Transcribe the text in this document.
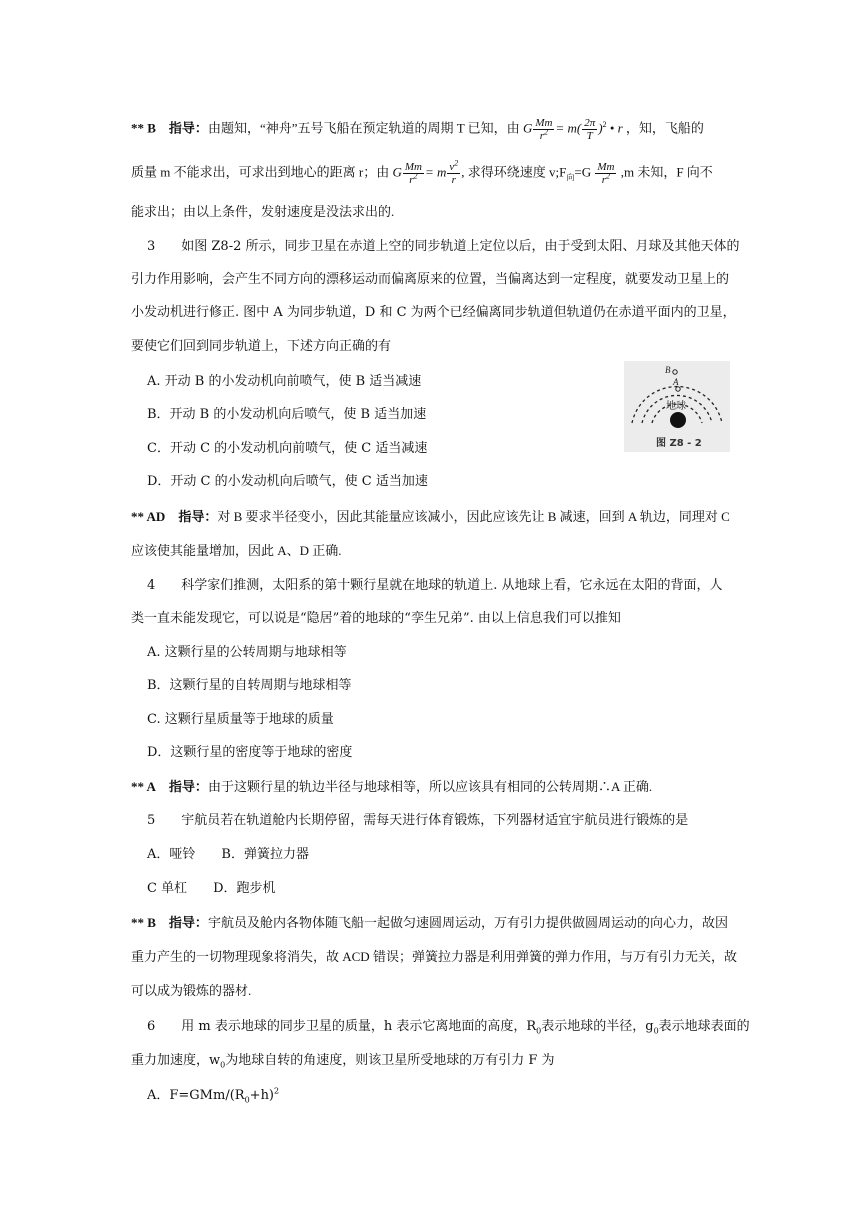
** B 指导：由题知，“神舟”五号飞船在预定轨道的周期 T 已知，由 G $\frac{Mm}{r^2} = m( \frac{2\pi}{T} )^2$ • r ，知，飞船的
质量 m 不能求出，可求出到地心的距离 r；由 G $\frac{Mm}{r^2} = m \frac{v^2}{r}$ , 求得环绕速度 $v;F_向=G \frac{Mm}{r^2} ,m$ 未知，F 向不
能求出；由以上条件，发射速度是没法求出的.
3　　如图 Z8-2 所示，同步卫星在赤道上空的同步轨道上定位以后，由于受到太阳、月球及其他天体的
引力作用影响，会产生不同方向的漂移运动而偏离原来的位置，当偏离达到一定程度，就要发动卫星上的
小发动机进行修正. 图中 A 为同步轨道，D 和 C 为两个已经偏离同步轨道但轨道仍在赤道平面内的卫星，
要使它们回到同步轨道上，下述方向正确的有
A. 开动 B 的小发动机向前喷气，使 B 适当减速
B．开动 B 的小发动机向后喷气，使 B 适当加速
C．开动 C 的小发动机向前喷气，使 C 适当减速
D．开动 C 的小发动机向后喷气，使 C 适当加速
B
A
地球
图 Z8 - 2
** AD 指导：对 B 要求半径变小，因此其能量应该减小，因此应该先让 B 减速，回到 A 轨边，同理对 C
应该使其能量增加，因此 A、D 正确.
4　　科学家们推测，太阳系的第十颗行星就在地球的轨道上. 从地球上看，它永远在太阳的背面，人
类一直未能发现它，可以说是“隐居”着的地球的“孪生兄弟”. 由以上信息我们可以推知
A. 这颗行星的公转周期与地球相等
B．这颗行星的自转周期与地球相等
C. 这颗行星质量等于地球的质量
D．这颗行星的密度等于地球的密度
** A 指导：由于这颗行星的轨边半径与地球相等，所以应该具有相同的公转周期∴A 正确.
5　　宇航员若在轨道舱内长期停留，需每天进行体育锻炼，下列器材适宜宇航员进行锻炼的是
A．哑铃　　B．弹簧拉力器
C 单杠　　D．跑步机
** B 指导：宇航员及舱内各物体随飞船一起做匀速圆周运动，万有引力提供做圆周运动的向心力，故因
重力产生的一切物理现象将消失，故 ACD 错误；弹簧拉力器是利用弹簧的弹力作用，与万有引力无关，故
可以成为锻炼的器材.
6　　用 m 表示地球的同步卫星的质量，h 表示它离地面的高度，$R_0$表示地球的半径，$g_0$表示地球表面的
重力加速度，$w_0$为地球自转的角速度，则该卫星所受地球的万有引力 F 为
A．$F=GMm/(R_0+h)^2$
